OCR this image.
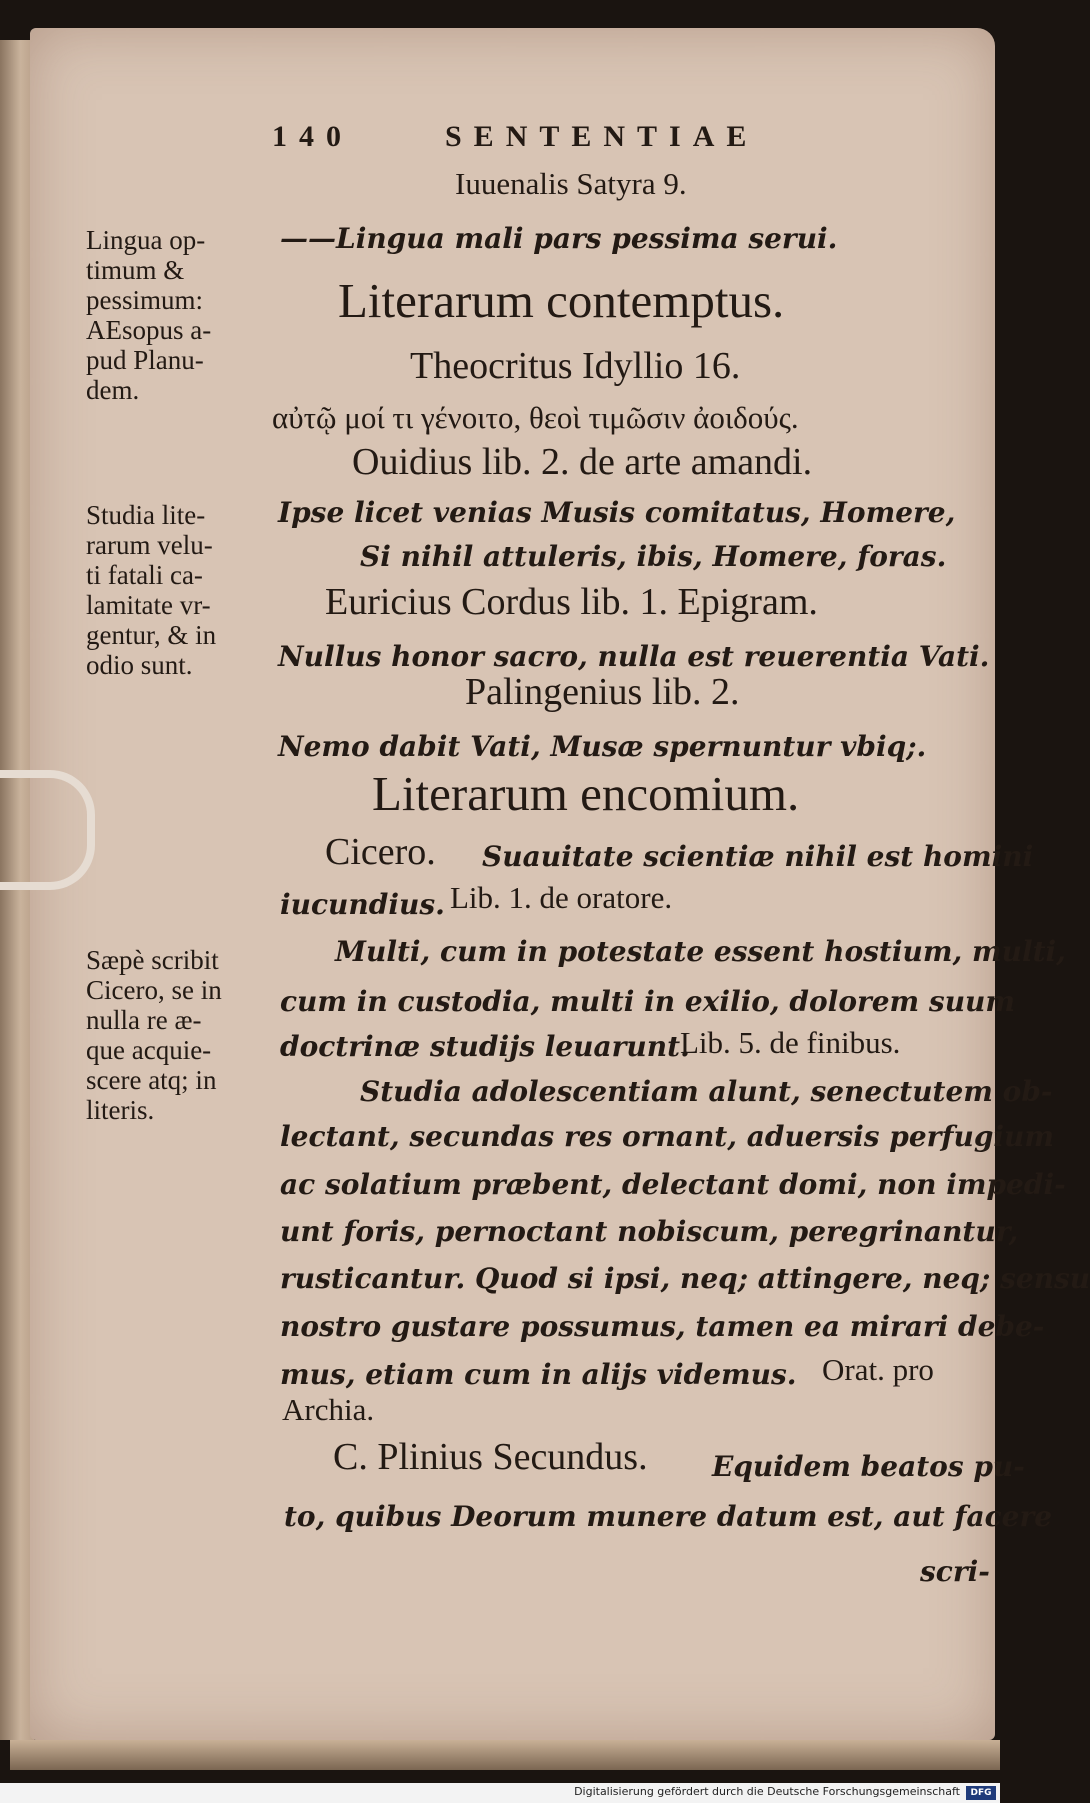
140	SENTENTIAE
Iuuenalis Satyra 9.
——Lingua mali pars pessima serui.
Literarum contemptus.
Theocritus Idyllio 16.
αὐτῷ μοί τι γένοιτο, θεοὶ τιμῶσιν ἀοιδούς.
Ouidius lib. 2. de arte amandi.
Ipse licet venias Musis comitatus, Homere,
Si nihil attuleris, ibis, Homere, foras.
Euricius Cordus lib. 1. Epigram.
Nullus honor sacro, nulla est reuerentia Vati.
Palingenius lib. 2.
Nemo dabit Vati, Musæ spernuntur vbiq;.
Literarum encomium.
Cicero. Suauitate scientiæ nihil est homini
iucundius. Lib. 1. de oratore.
Multi, cum in potestate essent hostium, multi,
cum in custodia, multi in exilio, dolorem suum
doctrinæ studijs leuarunt.
Lib. 5. de finibus.
Studia adolescentiam alunt, senectutem ob-
lectant, secundas res ornant, aduersis perfugium
ac solatium præbent, delectant domi, non impedi-
unt foris, pernoctant nobiscum, peregrinantur,
rusticantur. Quod si ipsi, neq; attingere, neq; sensu
nostro gustare possumus, tamen ea mirari debe-
mus, etiam cum in alijs videmus. Orat. pro
Archia.
C. Plinius Secundus. Equidem beatos pu-
to, quibus Deorum munere datum est, aut facere
scri-
Lingua op-
timum &
pessimum:
AEsopus a-
pud Planu-
dem.
Studia lite-
rarum velu-
ti fatali ca-
lamitate vr-
gentur, & in
odio sunt.
Sæpè scribit
Cicero, se in
nulla re æ-
que acquie-
scere atq; in
literis.
Digitalisierung gefördert durch die Deutsche Forschungsgemeinschaft	DFG
